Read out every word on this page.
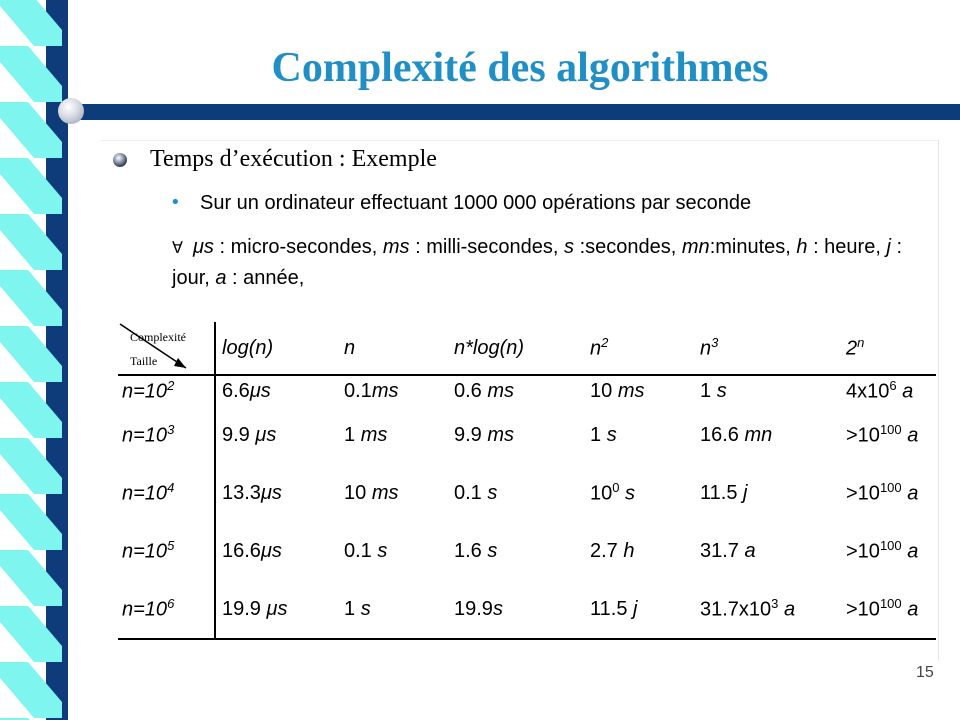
Complexité des algorithmes
Temps d’exécution : Exemple
• Sur un ordinateur effectuant 1000 000 opérations par seconde
∀ μs : micro-secondes, ms : milli-secondes, s :secondes, mn:minutes, h : heure, j : jour, a : année,
Complexité
Taille	log(n)	n	n*log(n)	$n^2$	$n^3$	2$^n$
$n=10^2$	6.6μs	0.1ms	0.6 ms	10 ms	1 s	$4x10^6$ a
$n=10^3$	9.9 μs	1 ms	9.9 ms	1 s	16.6 mn	$>10^{100}$ a
$n=10^4$	13.3μs	10 ms	0.1 s	$10^0$ s	11.5 j	$>10^{100}$ a
$n=10^5$	16.6μs	0.1 s	1.6 s	2.7 h	31.7 a	$>10^{100}$ a
$n=10^6$	19.9 μs	1 s	19.9s	11.5 j	$31.7x10^3$ a	$>10^{100}$ a
15
